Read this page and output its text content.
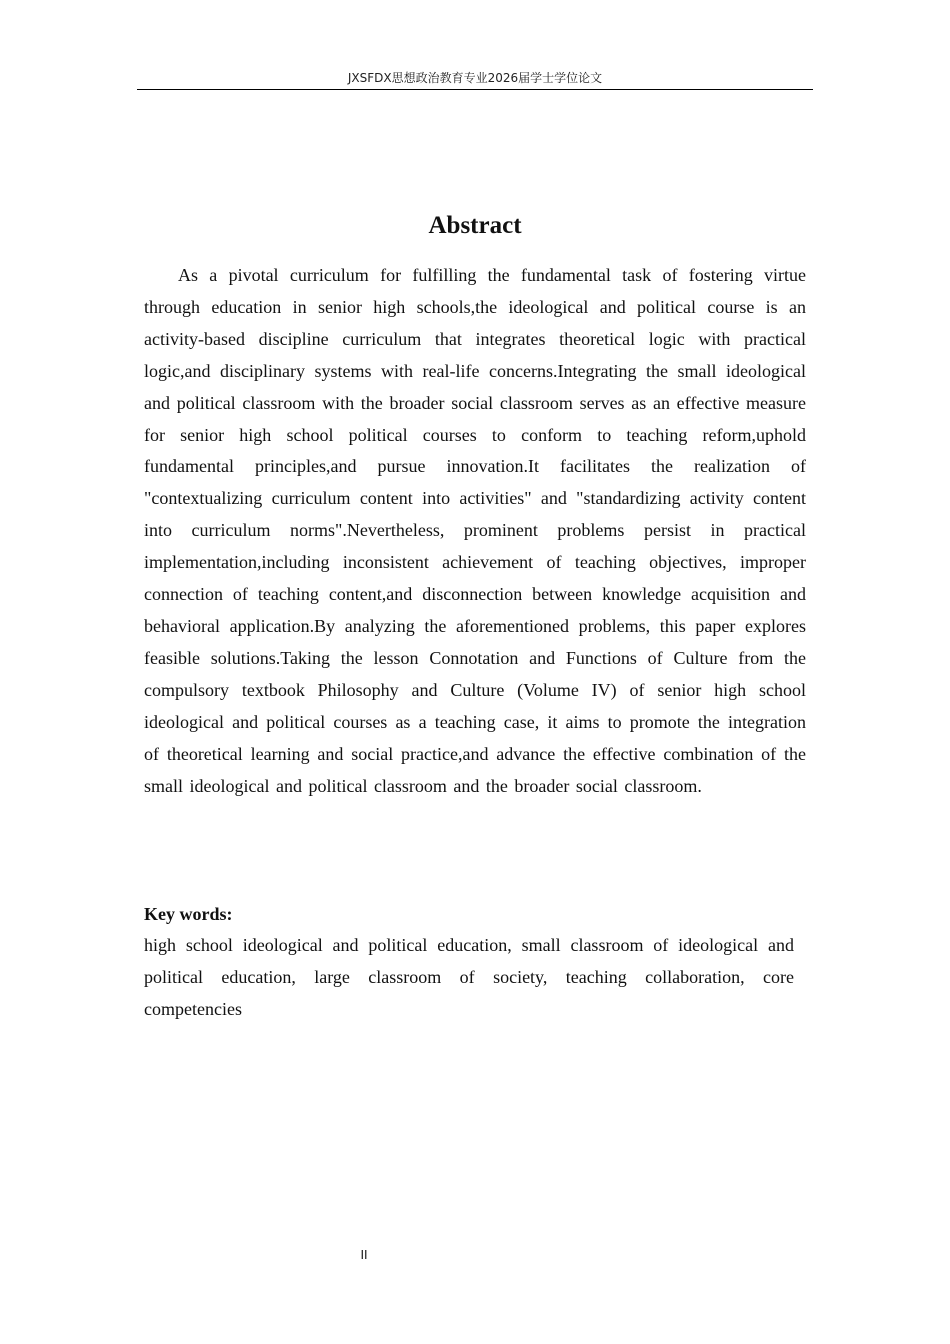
JXSFDX思想政治教育专业2026届学士学位论文
Abstract

As a pivotal curriculum for fulfilling the fundamental task of fostering virtue through education in senior high schools,the ideological and political course is an activity-based discipline curriculum that integrates theoretical logic with practical logic,and disciplinary systems with real-life concerns.Integrating the small ideological and political classroom with the broader social classroom serves as an effective measure for senior high school political courses to conform to teaching reform,uphold fundamental principles,and pursue innovation.It facilitates the realization of "contextualizing curriculum content into activities" and "standardizing activity content into curriculum norms".Nevertheless, prominent problems persist in practical implementation,including inconsistent achievement of teaching objectives, improper connection of teaching content,and disconnection between knowledge acquisition and behavioral application.By analyzing the aforementioned problems, this paper explores feasible solutions.Taking the lesson Connotation and Functions of Culture from the compulsory textbook Philosophy and Culture (Volume IV) of senior high school ideological and political courses as a teaching case, it aims to promote the integration of theoretical learning and social practice,and advance the effective combination of the small ideological and political classroom and the broader social classroom.

Key words:

high school ideological and political education, small classroom of ideological and political education, large classroom of society, teaching collaboration, core competencies

II
